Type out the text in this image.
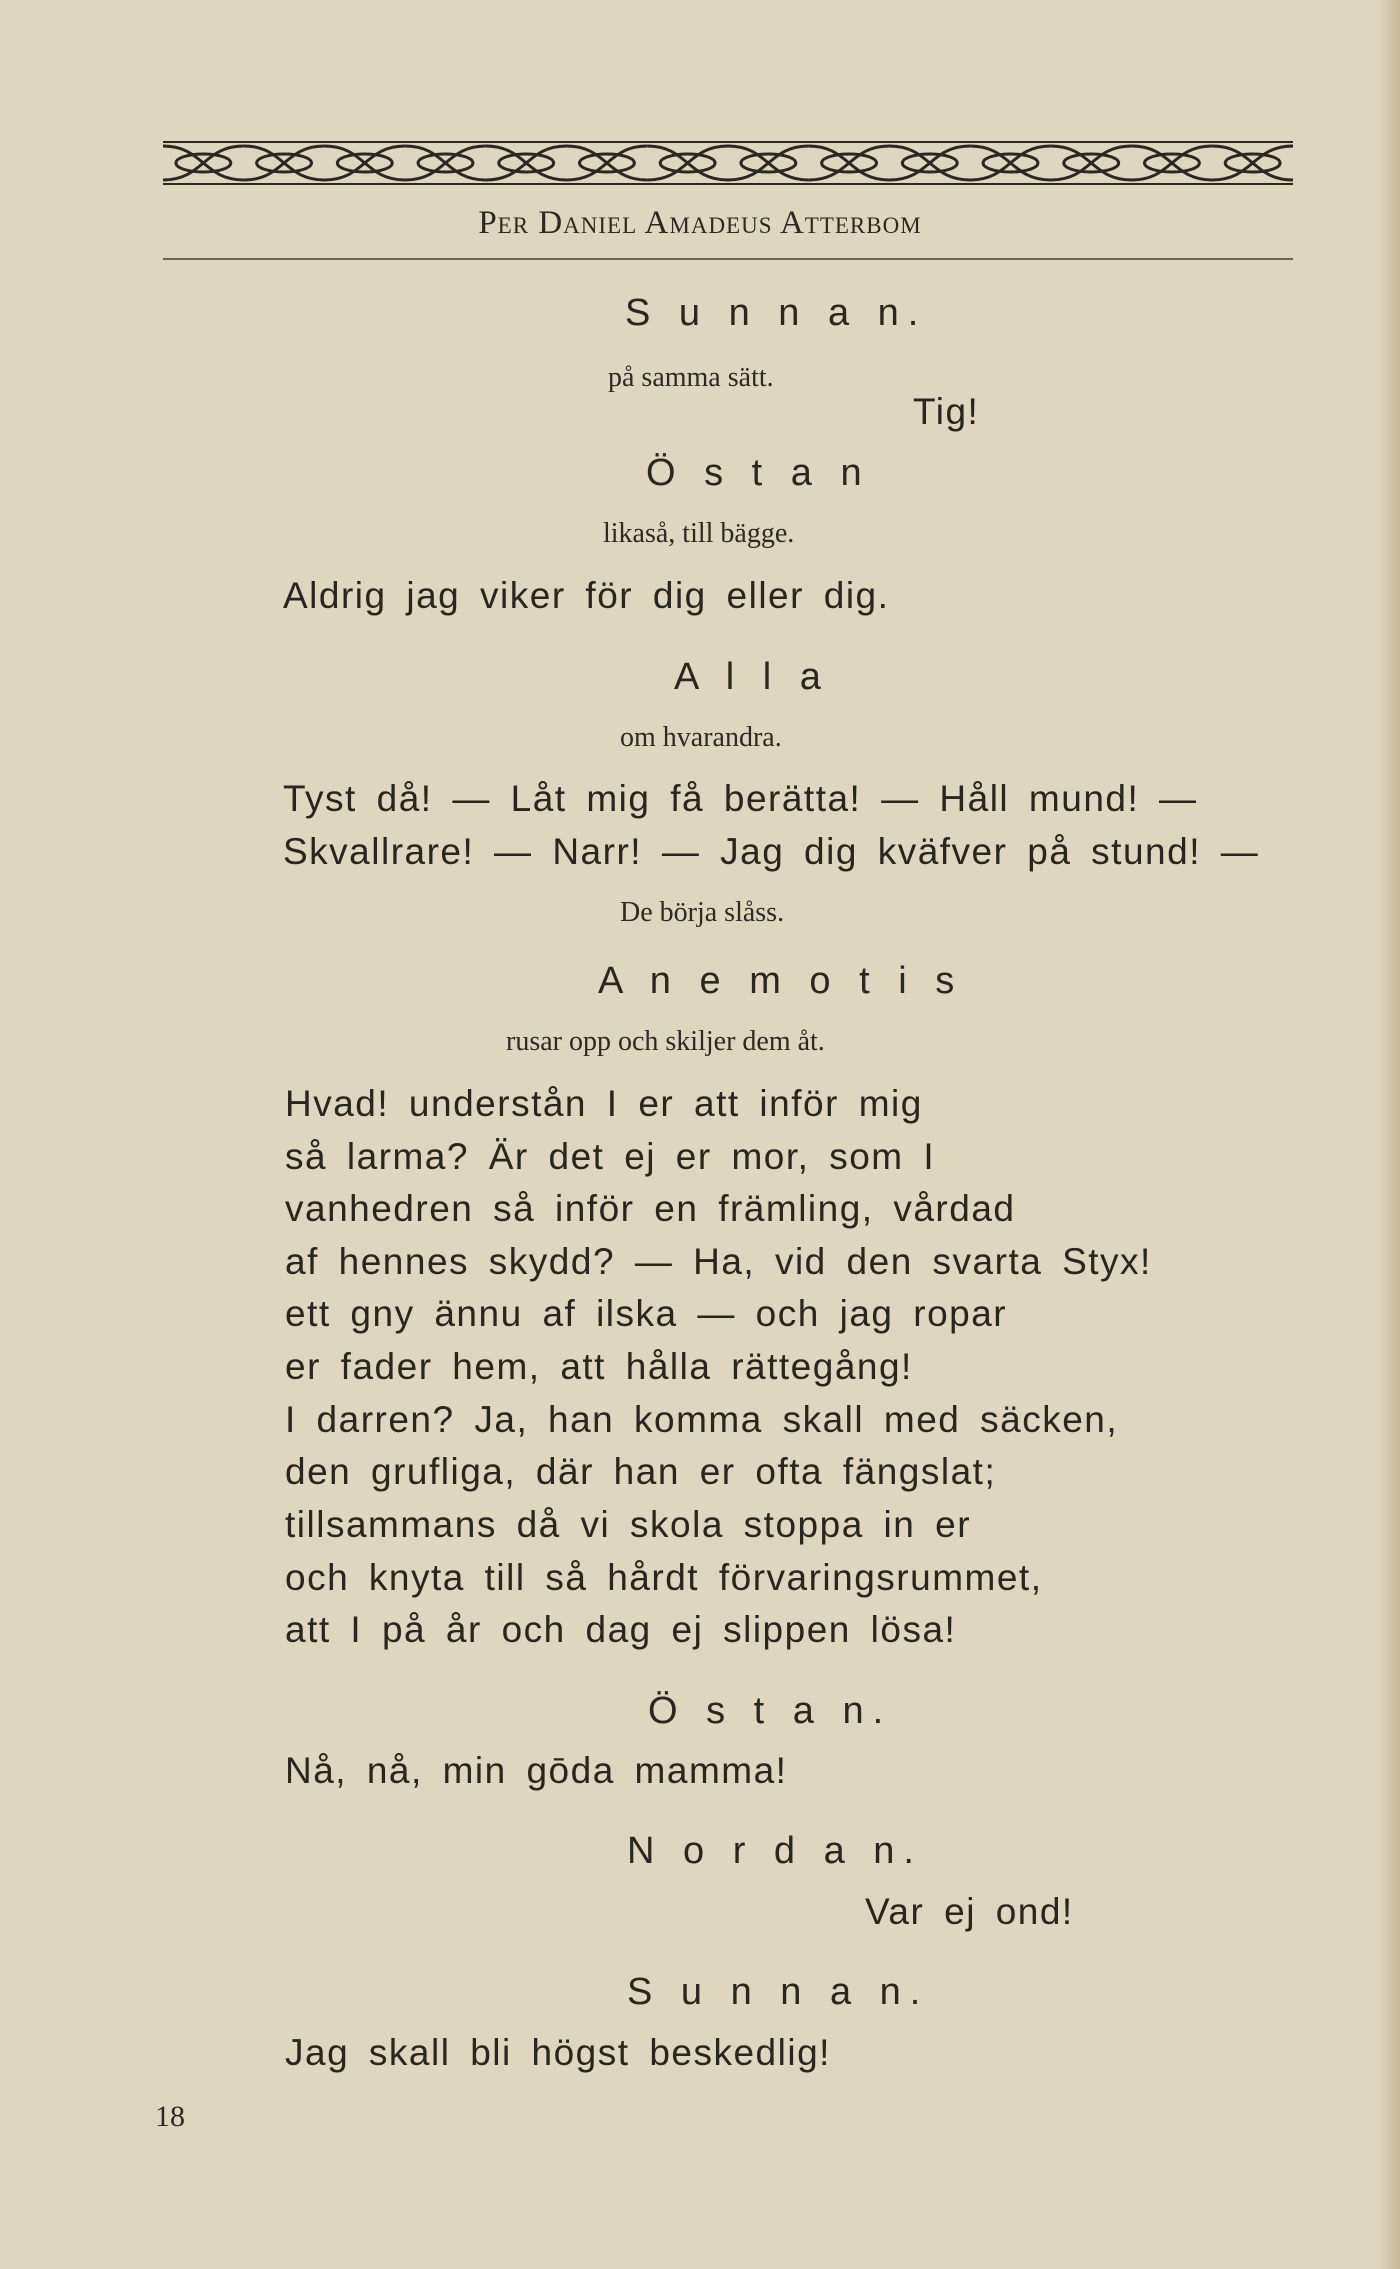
Per Daniel Amadeus Atterbom
S u n n a n.
på samma sätt.
Tig!
Ö s t a n
likaså, till bägge.
Aldrig jag viker för dig eller dig.
A l l a
om hvarandra.
Tyst då! — Låt mig få berätta! — Håll mund! —
Skvallrare! — Narr! — Jag dig kväfver på stund! —
De börja slåss.
A n e m o t i s
rusar opp och skiljer dem åt.
Hvad! understån I er att inför mig
så larma? Är det ej er mor, som I
vanhedren så inför en främling, vårdad
af hennes skydd? — Ha, vid den svarta Styx!
ett gny ännu af ilska — och jag ropar
er fader hem, att hålla rättegång!
I darren? Ja, han komma skall med säcken,
den grufliga, där han er ofta fängslat;
tillsammans då vi skola stoppa in er
och knyta till så hårdt förvaringsrummet,
att I på år och dag ej slippen lösa!
Ö s t a n.
Nå, nå, min gōda mamma!
N o r d a n.
Var ej ond!
S u n n a n.
Jag skall bli högst beskedlig!
18
